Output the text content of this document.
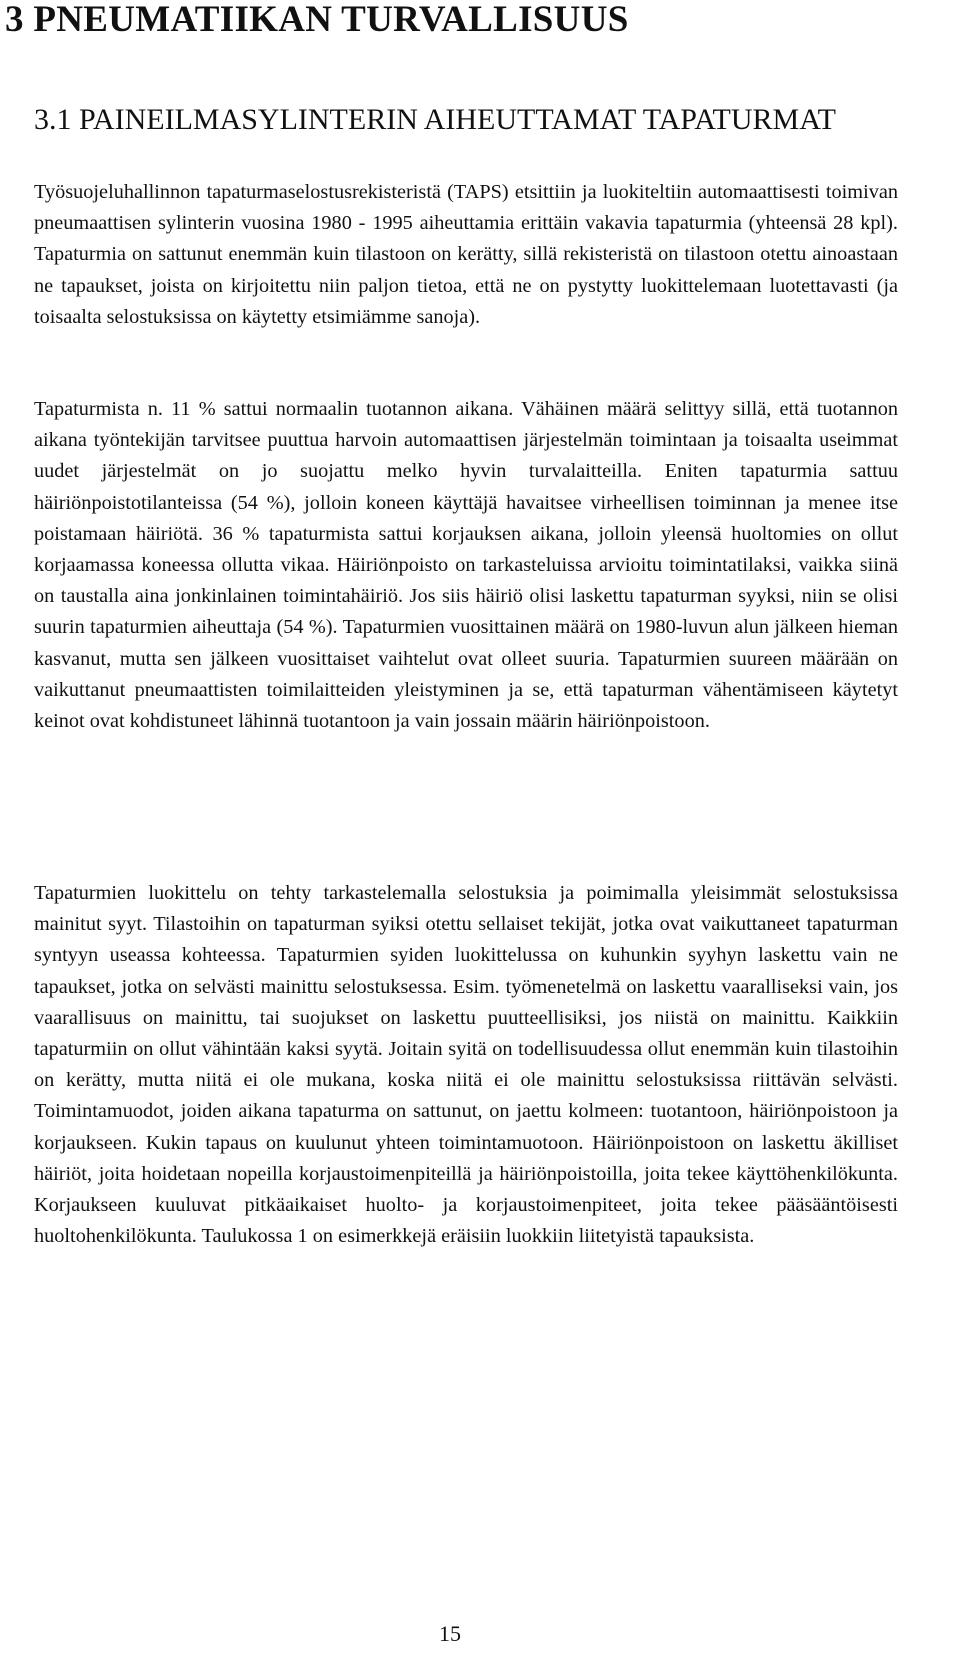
3 PNEUMATIIKAN TURVALLISUUS
3.1 PAINEILMASYLINTERIN AIHEUTTAMAT TAPATURMAT

Työsuojeluhallinnon tapaturmaselostusrekisteristä (TAPS) etsittiin ja luokiteltiin automaattisesti toimivan pneumaattisen sylinterin vuosina 1980 - 1995 aiheuttamia erittäin vakavia tapaturmia (yhteensä 28 kpl). Tapaturmia on sattunut enemmän kuin tilastoon on kerätty, sillä rekisteristä on tilastoon otettu ainoastaan ne tapaukset, joista on kirjoitettu niin paljon tietoa, että ne on pystytty luokittelemaan luotettavasti (ja toisaalta selostuksissa on käytetty etsimiämme sanoja).

Tapaturmista n. 11 % sattui normaalin tuotannon aikana. Vähäinen määrä selittyy sillä, että tuotannon aikana työntekijän tarvitsee puuttua harvoin automaattisen järjestelmän toimintaan ja toisaalta useimmat uudet järjestelmät on jo suojattu melko hyvin turvalaitteilla. Eniten tapaturmia sattuu häiriönpoistotilanteissa (54 %), jolloin koneen käyttäjä havaitsee virheellisen toiminnan ja menee itse poistamaan häiriötä. 36 % tapaturmista sattui korjauksen aikana, jolloin yleensä huoltomies on ollut korjaamassa koneessa ollutta vikaa. Häiriönpoisto on tarkasteluissa arvioitu toimintatilaksi, vaikka siinä on taustalla aina jonkinlainen toimintahäiriö. Jos siis häiriö olisi laskettu tapaturman syyksi, niin se olisi suurin tapaturmien aiheuttaja (54 %). Tapaturmien vuosittainen määrä on 1980-luvun alun jälkeen hieman kasvanut, mutta sen jälkeen vuosittaiset vaihtelut ovat olleet suuria. Tapaturmien suureen määrään on vaikuttanut pneumaattisten toimilaitteiden yleistyminen ja se, että tapaturman vähentämiseen käytetyt keinot ovat kohdistuneet lähinnä tuotantoon ja vain jossain määrin häiriönpoistoon.

Tapaturmien luokittelu on tehty tarkastelemalla selostuksia ja poimimalla yleisimmät selostuksissa mainitut syyt. Tilastoihin on tapaturman syiksi otettu sellaiset tekijät, jotka ovat vaikuttaneet tapaturman syntyyn useassa kohteessa. Tapaturmien syiden luokittelussa on kuhunkin syyhyn laskettu vain ne tapaukset, jotka on selvästi mainittu selostuksessa. Esim. työmenetelmä on laskettu vaaralliseksi vain, jos vaarallisuus on mainittu, tai suojukset on laskettu puutteellisiksi, jos niistä on mainittu. Kaikkiin tapaturmiin on ollut vähintään kaksi syytä. Joitain syitä on todellisuudessa ollut enemmän kuin tilastoihin on kerätty, mutta niitä ei ole mukana, koska niitä ei ole mainittu selostuksissa riittävän selvästi. Toimintamuodot, joiden aikana tapaturma on sattunut, on jaettu kolmeen: tuotantoon, häiriönpoistoon ja korjaukseen. Kukin tapaus on kuulunut yhteen toimintamuotoon. Häiriönpoistoon on laskettu äkilliset häiriöt, joita hoidetaan nopeilla korjaustoimenpiteillä ja häiriönpoistoilla, joita tekee käyttöhenkilökunta. Korjaukseen kuuluvat pitkäaikaiset huolto- ja korjaustoimenpiteet, joita tekee pääsääntöisesti huoltohenkilökunta. Taulukossa 1 on esimerkkejä eräisiin luokkiin liitetyistä tapauksista.

15
